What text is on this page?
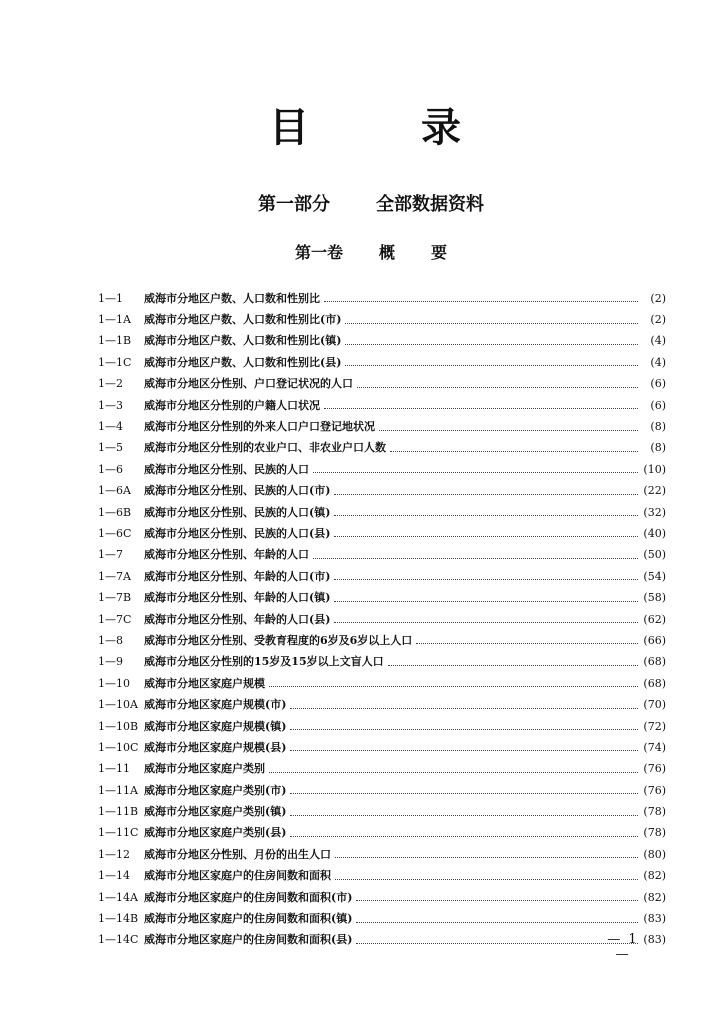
目	录
第一部分	全部数据资料
第一卷 概 要
1—1	威海市分地区户数、人口数和性别比	(2)
1—1A	威海市分地区户数、人口数和性别比(市)	(2)
1—1B	威海市分地区户数、人口数和性别比(镇)	(4)
1—1C	威海市分地区户数、人口数和性别比(县)	(4)
1—2	威海市分地区分性别、户口登记状况的人口	(6)
1—3	威海市分地区分性别的户籍人口状况	(6)
1—4	威海市分地区分性别的外来人口户口登记地状况	(8)
1—5	威海市分地区分性别的农业户口、非农业户口人数	(8)
1—6	威海市分地区分性别、民族的人口	(10)
1—6A	威海市分地区分性别、民族的人口(市)	(22)
1—6B	威海市分地区分性别、民族的人口(镇)	(32)
1—6C	威海市分地区分性别、民族的人口(县)	(40)
1—7	威海市分地区分性别、年龄的人口	(50)
1—7A	威海市分地区分性别、年龄的人口(市)	(54)
1—7B	威海市分地区分性别、年龄的人口(镇)	(58)
1—7C	威海市分地区分性别、年龄的人口(县)	(62)
1—8	威海市分地区分性别、受教育程度的6岁及6岁以上人口	(66)
1—9	威海市分地区分性别的15岁及15岁以上文盲人口	(68)
1—10	威海市分地区家庭户规模	(68)
1—10A 威海市分地区家庭户规模(市)	(70)
1—10B 威海市分地区家庭户规模(镇)	(72)
1—10C 威海市分地区家庭户规模(县)	(74)
1—11	威海市分地区家庭户类别	(76)
1—11A 威海市分地区家庭户类别(市)	(76)
1—11B 威海市分地区家庭户类别(镇)	(78)
1—11C 威海市分地区家庭户类别(县)	(78)
1—12	威海市分地区分性别、月份的出生人口	(80)
1—14	威海市分地区家庭户的住房间数和面积	(82)
1—14A 威海市分地区家庭户的住房间数和面积(市)	(82)
1—14B 威海市分地区家庭户的住房间数和面积(镇)	(83)
1—14C 威海市分地区家庭户的住房间数和面积(县)	(83)
— 1 —
